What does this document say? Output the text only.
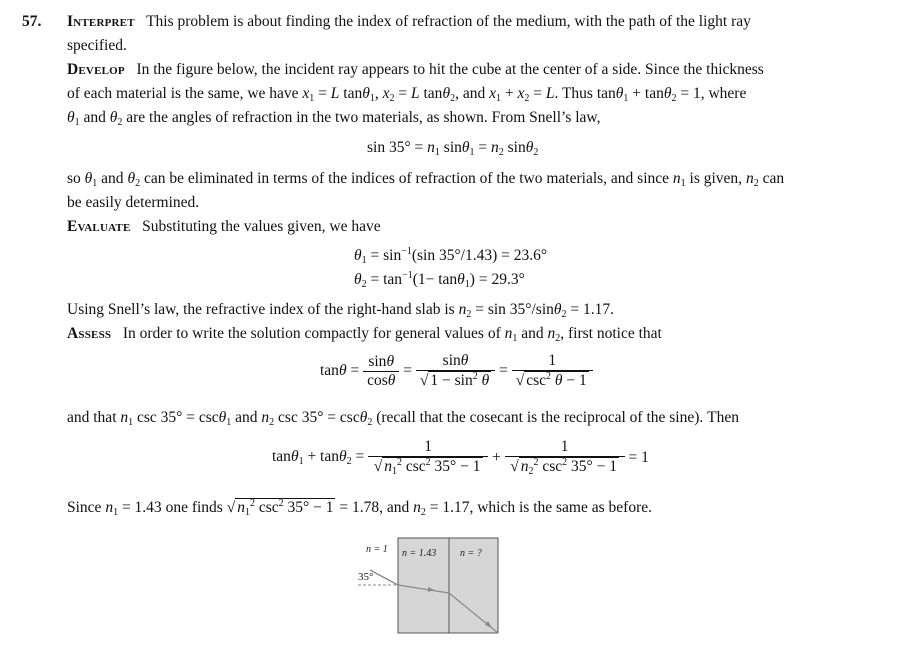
57. Interpret This problem is about finding the index of refraction of the medium, with the path of the light ray
specified.
Develop In the figure below, the incident ray appears to hit the cube at the center of a side. Since the thickness
of each material is the same, we have $x_1 = L$ tanθ$_1$, $x_2 = L$ tanθ$_2$, and $x_1 + x_2 = L$. Thus tanθ$_1$ + tanθ$_2$ = 1, where
$\theta_1$ and $\theta_2$ are the angles of refraction in the two materials, as shown. From Snell’s law,
$\sin 35^\circ = n_1$ $\sin\theta_1 = n_2$ sinθ$_2$
so $\theta_1$ and $\theta_2$ can be eliminated in terms of the indices of refraction of the two materials, and since $n_1$ is given, $n_2$ can
be easily determined.
Evaluate Substituting the values given, we have
$\theta_1 = \sin^{-1}(\sin$ 35°/1.43) = 23.6°
$\theta_2 = \tan^{-1}(1- \tan\theta_1) = 29.3^\circ$
Using Snell’s law, the refractive index of the right-hand slab is $n_2 = \sin 35^\circ/\sin\theta_2 = 1.17$.
Assess In order to write the solution compactly for general values of $n_1$ and $n_2$, first notice that
$\tan\theta = \frac{\sin\theta}{\cos\theta} = \frac{\sin\theta}{√ 1 - \sin^2 \theta} = \frac{1}{√ \csc^2 \theta - 1}$
and that $n_1$ csc 35° = cscθ$_1$ and $n_2$ csc 35° = cscθ$_2$ (recall that the cosecant is the reciprocal of the sine). Then
$\tan\theta_1 + \tan\theta_2 = \frac{1}{√ n_1^2 \csc^2 35^\circ - 1} + \frac{1}{√ n_2^2 \csc^2 35^\circ - 1} = 1$
Since $n_1 = 1.43$ one finds √ $n_1^2$ $\csc^2 35^\circ - 1 = 1.78$, and $n_2 = 1.17$, which is the same as before.
n = 1 n = 1.43 n = ?
35°
